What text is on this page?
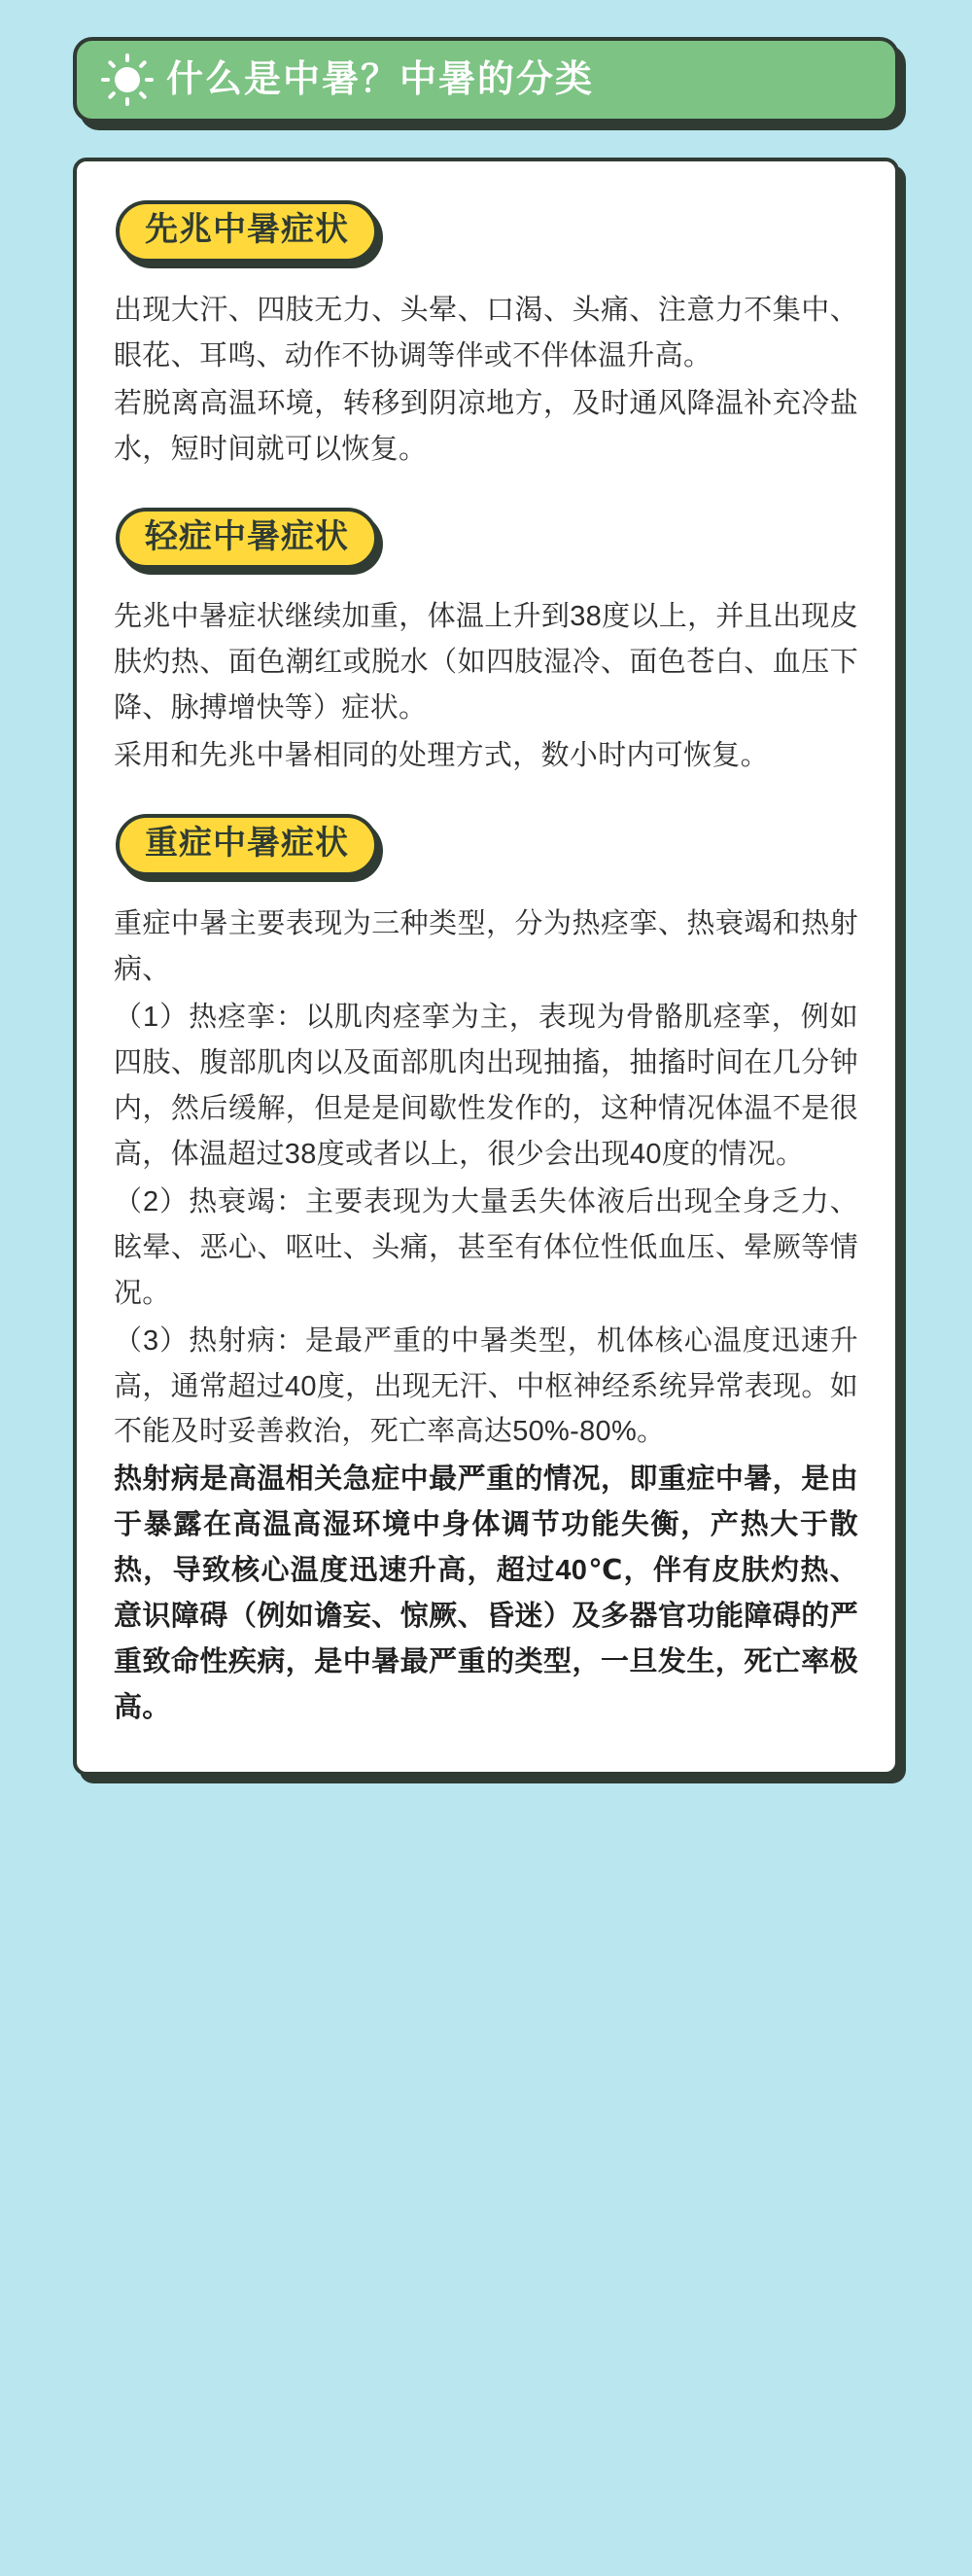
什么是中暑？中暑的分类
先兆中暑症状

出现大汗、四肢无力、头晕、口渴、头痛、注意力不集中、眼花、耳鸣、动作不协调等伴或不伴体温升高。

若脱离高温环境，转移到阴凉地方，及时通风降温补充冷盐水，短时间就可以恢复。

轻症中暑症状

先兆中暑症状继续加重，体温上升到38度以上，并且出现皮肤灼热、面色潮红或脱水（如四肢湿冷、面色苍白、血压下降、脉搏增快等）症状。

采用和先兆中暑相同的处理方式，数小时内可恢复。

重症中暑症状

重症中暑主要表现为三种类型，分为热痉挛、热衰竭和热射病、

（1）热痉挛：以肌肉痉挛为主，表现为骨骼肌痉挛，例如四肢、腹部肌肉以及面部肌肉出现抽搐，抽搐时间在几分钟内，然后缓解，但是是间歇性发作的，这种情况体温不是很高，体温超过38度或者以上，很少会出现40度的情况。

（2）热衰竭：主要表现为大量丢失体液后出现全身乏力、眩晕、恶心、呕吐、头痛，甚至有体位性低血压、晕厥等情况。

（3）热射病：是最严重的中暑类型，机体核心温度迅速升高，通常超过40度，出现无汗、中枢神经系统异常表现。如不能及时妥善救治，死亡率高达50%-80%。

热射病是高温相关急症中最严重的情况，即重症中暑，是由于暴露在高温高湿环境中身体调节功能失衡，产热大于散热，导致核心温度迅速升高，超过40℃，伴有皮肤灼热、意识障碍（例如谵妄、惊厥、昏迷）及多器官功能障碍的严重致命性疾病，是中暑最严重的类型，一旦发生，死亡率极高。
